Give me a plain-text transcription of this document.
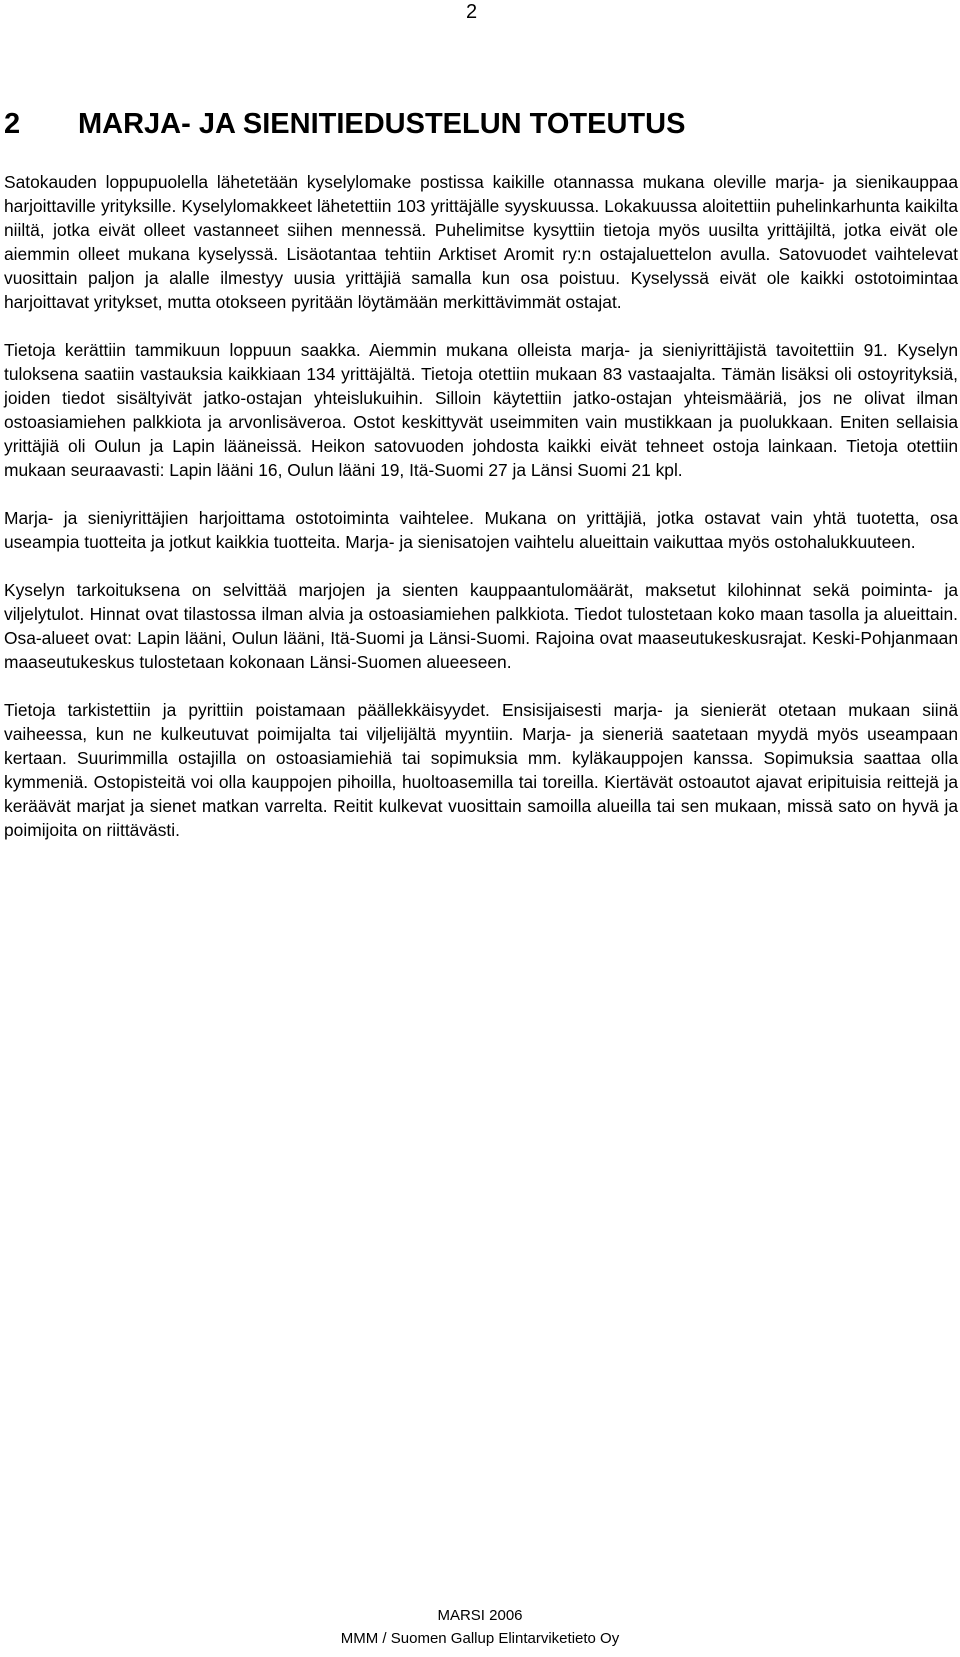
2
2 MARJA- JA SIENITIEDUSTELUN TOTEUTUS

Satokauden loppupuolella lähetetään kyselylomake postissa kaikille otannassa mukana oleville marja- ja sienikauppaa harjoittaville yrityksille. Kyselylomakkeet lähetettiin 103 yrittäjälle syyskuussa. Lokakuussa aloitettiin puhelinkarhunta kaikilta niiltä, jotka eivät olleet vastanneet siihen mennessä. Puhelimitse kysyttiin tietoja myös uusilta yrittäjiltä, jotka eivät ole aiemmin olleet mukana kyselyssä. Lisäotantaa tehtiin Arktiset Aromit ry:n ostajaluettelon avulla. Satovuodet vaihtelevat vuosittain paljon ja alalle ilmestyy uusia yrittäjiä samalla kun osa poistuu. Kyselyssä eivät ole kaikki ostotoimintaa harjoittavat yritykset, mutta otokseen pyritään löytämään merkittävimmät ostajat.

Tietoja kerättiin tammikuun loppuun saakka. Aiemmin mukana olleista marja- ja sieniyrittäjistä tavoitettiin 91. Kyselyn tuloksena saatiin vastauksia kaikkiaan 134 yrittäjältä. Tietoja otettiin mukaan 83 vastaajalta. Tämän lisäksi oli ostoyrityksiä, joiden tiedot sisältyivät jatko-ostajan yhteislukuihin. Silloin käytettiin jatko-ostajan yhteismääriä, jos ne olivat ilman ostoasiamiehen palkkiota ja arvonlisäveroa. Ostot keskittyvät useimmiten vain mustikkaan ja puolukkaan. Eniten sellaisia yrittäjiä oli Oulun ja Lapin lääneissä. Heikon satovuoden johdosta kaikki eivät tehneet ostoja lainkaan. Tietoja otettiin mukaan seuraavasti: Lapin lääni 16, Oulun lääni 19, Itä-Suomi 27 ja Länsi Suomi 21 kpl.

Marja- ja sieniyrittäjien harjoittama ostotoiminta vaihtelee. Mukana on yrittäjiä, jotka ostavat vain yhtä tuotetta, osa useampia tuotteita ja jotkut kaikkia tuotteita. Marja- ja sienisatojen vaihtelu alueittain vaikuttaa myös ostohalukkuuteen.

Kyselyn tarkoituksena on selvittää marjojen ja sienten kauppaantulomäärät, maksetut kilohinnat sekä poiminta- ja viljelytulot. Hinnat ovat tilastossa ilman alvia ja ostoasiamiehen palkkiota. Tiedot tulostetaan koko maan tasolla ja alueittain. Osa-alueet ovat: Lapin lääni, Oulun lääni, Itä-Suomi ja Länsi-Suomi. Rajoina ovat maaseutukeskusrajat. Keski-Pohjanmaan maaseutukeskus tulostetaan kokonaan Länsi-Suomen alueeseen.

Tietoja tarkistettiin ja pyrittiin poistamaan päällekkäisyydet. Ensisijaisesti marja- ja sienierät otetaan mukaan siinä vaiheessa, kun ne kulkeutuvat poimijalta tai viljelijältä myyntiin. Marja- ja sieneriä saatetaan myydä myös useampaan kertaan. Suurimmilla ostajilla on ostoasiamiehiä tai sopimuksia mm. kyläkauppojen kanssa. Sopimuksia saattaa olla kymmeniä. Ostopisteitä voi olla kauppojen pihoilla, huoltoasemilla tai toreilla. Kiertävät ostoautot ajavat eripituisia reittejä ja keräävät marjat ja sienet matkan varrelta. Reitit kulkevat vuosittain samoilla alueilla tai sen mukaan, missä sato on hyvä ja poimijoita on riittävästi.

MARSI 2006
MMM / Suomen Gallup Elintarviketieto Oy
